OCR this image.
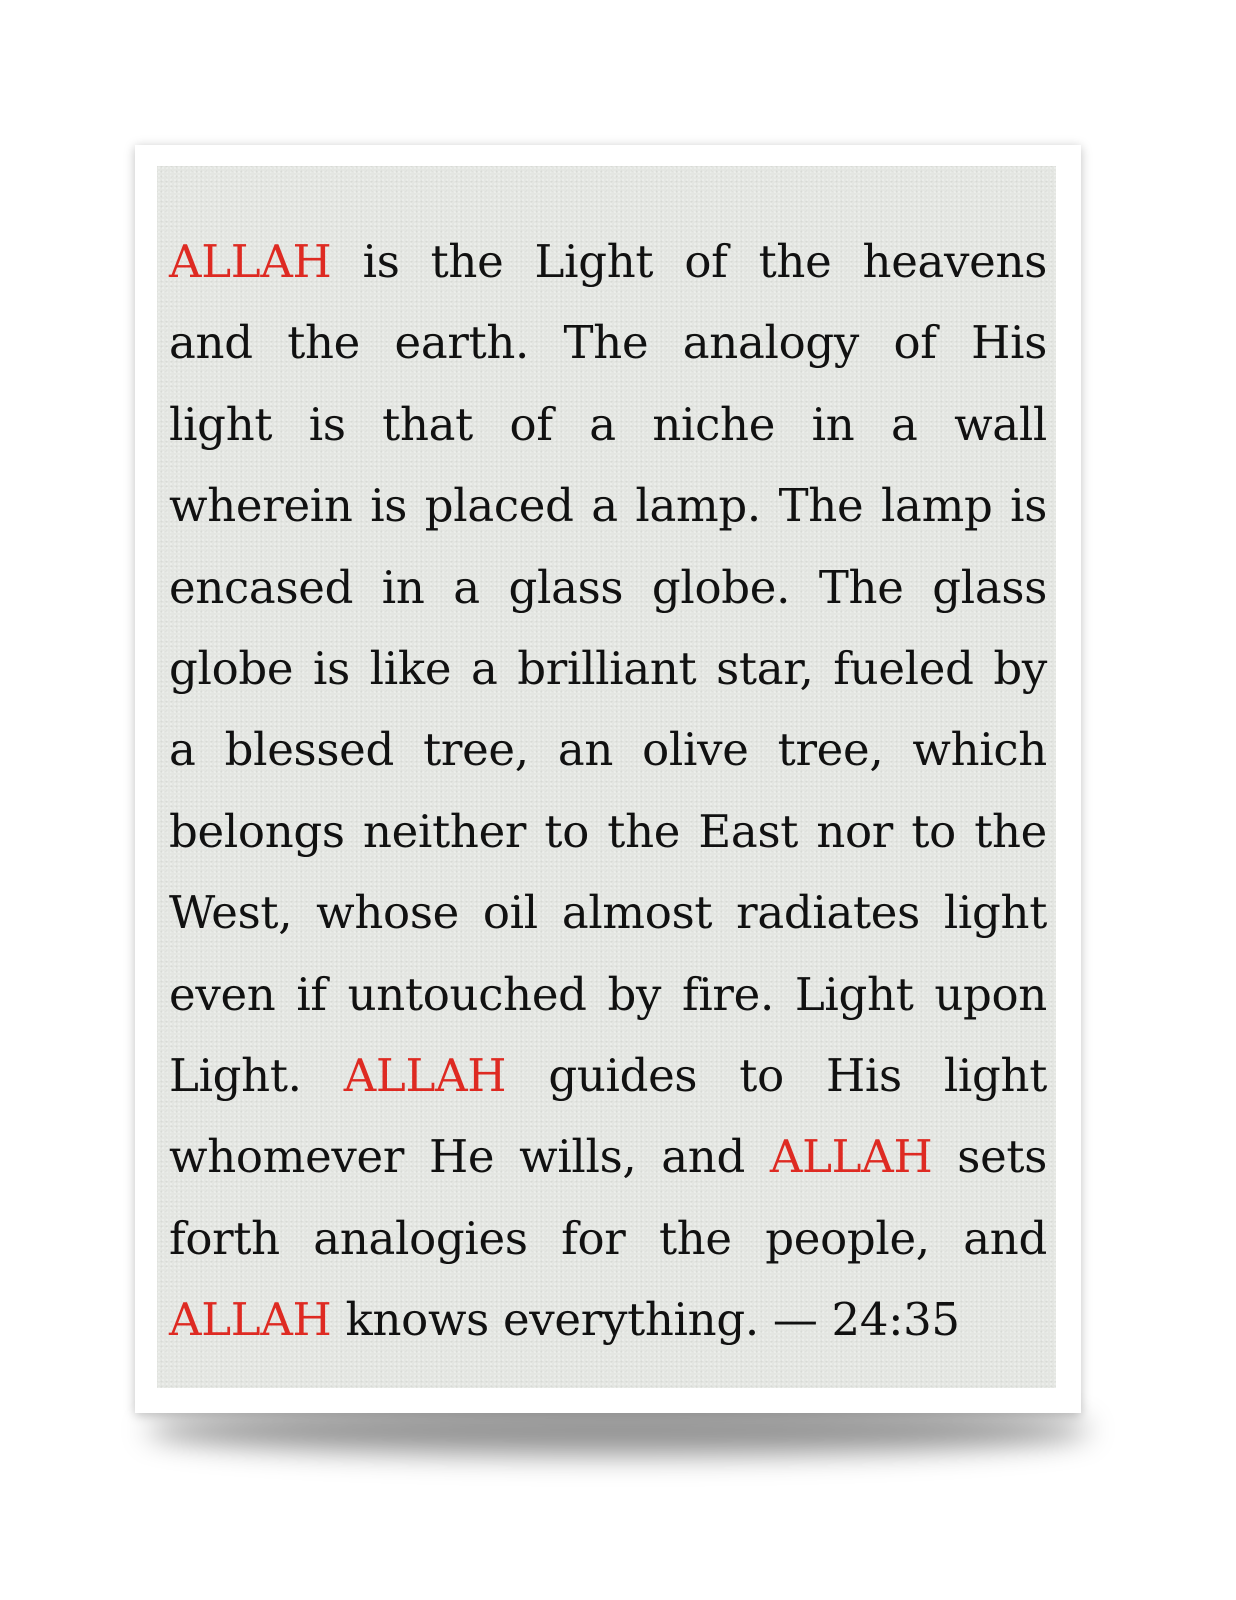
ALLAH is the Light of the heavens
and the earth. The analogy of His
light is that of a niche in a wall
wherein is placed a lamp. The lamp is
encased in a glass globe. The glass
globe is like a brilliant star, fueled by
a blessed tree, an olive tree, which
belongs neither to the East nor to the
West, whose oil almost radiates light
even if untouched by fire. Light upon
Light. ALLAH guides to His light
whomever He wills, and ALLAH sets
forth analogies for the people, and
ALLAH knows everything. — 24:35
